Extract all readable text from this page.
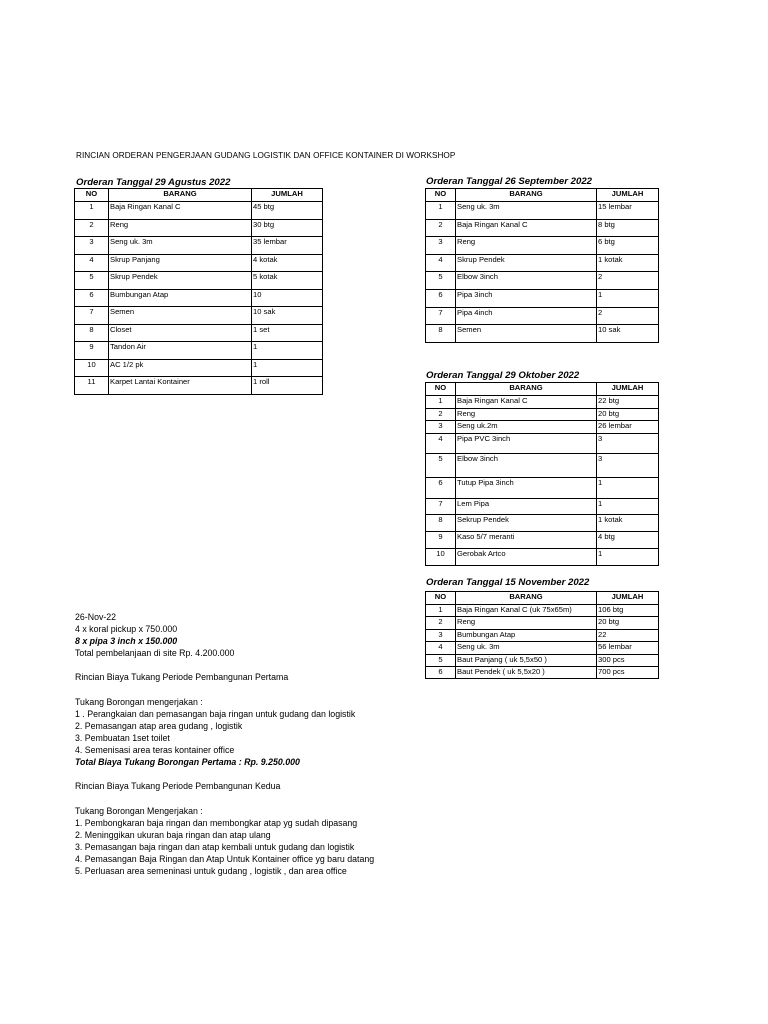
RINCIAN ORDERAN PENGERJAAN GUDANG LOGISTIK DAN OFFICE KONTAINER DI WORKSHOP
Orderan Tanggal 29 Agustus 2022
NO	BARANG	JUMLAH
1	Baja Ringan Kanal C	45 btg
2	Reng	30 btg
3	Seng uk. 3m	35 lembar
4	Skrup Panjang	4 kotak
5	Skrup Pendek	5 kotak
6	Bumbungan Atap	10
7	Semen	10 sak
8	Closet	1 set
9	Tandon Air	1
10	AC 1/2 pk	1
11	Karpet Lantai Kontainer	1 roll
Orderan Tanggal 26 September 2022
NO	BARANG	JUMLAH
1	Seng uk. 3m	15 lembar
2	Baja Ringan Kanal C	8 btg
3	Reng	6 btg
4	Skrup Pendek	1 kotak
5	Elbow 3inch	2
6	Pipa 3inch	1
7	Pipa 4inch	2
8	Semen	10 sak
Orderan Tanggal 29 Oktober 2022
NO	BARANG	JUMLAH
1	Baja Ringan Kanal C	22 btg
2	Reng	20 btg
3	Seng uk.2m	26 lembar
4	Pipa PVC 3inch	3
5	Elbow 3inch	3
6	Tutup Pipa 3inch	1
7	Lem Pipa	1
8	Sekrup Pendek	1 kotak
9	Kaso 5/7 meranti	4 btg
10	Gerobak Artco	1
Orderan Tanggal 15 November 2022
NO	BARANG	JUMLAH
1	Baja Ringan Kanal C (uk 75x65m)	106 btg
2	Reng	20 btg
3	Bumbungan Atap	22
4	Seng uk. 3m	56 lembar
5	Baut Panjang ( uk 5,5x50 )	300 pcs
6	Baut Pendek ( uk 5,5x20 )	700 pcs
26-Nov-22
4 x koral pickup x 750.000
8 x pipa 3 inch x 150.000
Total pembelanjaan di site Rp. 4.200.000
Rincian Biaya Tukang Periode Pembangunan Pertama
Tukang Borongan mengerjakan :
1 . Perangkaian dan pemasangan baja ringan untuk gudang dan logistik
2. Pemasangan atap area gudang , logistik
3. Pembuatan 1set toilet
4. Semenisasi area teras kontainer office
Total Biaya Tukang Borongan Pertama : Rp. 9.250.000
Rincian Biaya Tukang Periode Pembangunan Kedua
Tukang Borongan Mengerjakan :
1. Pembongkaran baja ringan dan membongkar atap yg sudah dipasang
2. Meninggikan ukuran baja ringan dan atap ulang
3. Pemasangan baja ringan dan atap kembali untuk gudang dan logistik
4. Pemasangan Baja Ringan dan Atap Untuk Kontainer office yg baru datang
5. Perluasan area semeninasi untuk gudang , logistik , dan area office
